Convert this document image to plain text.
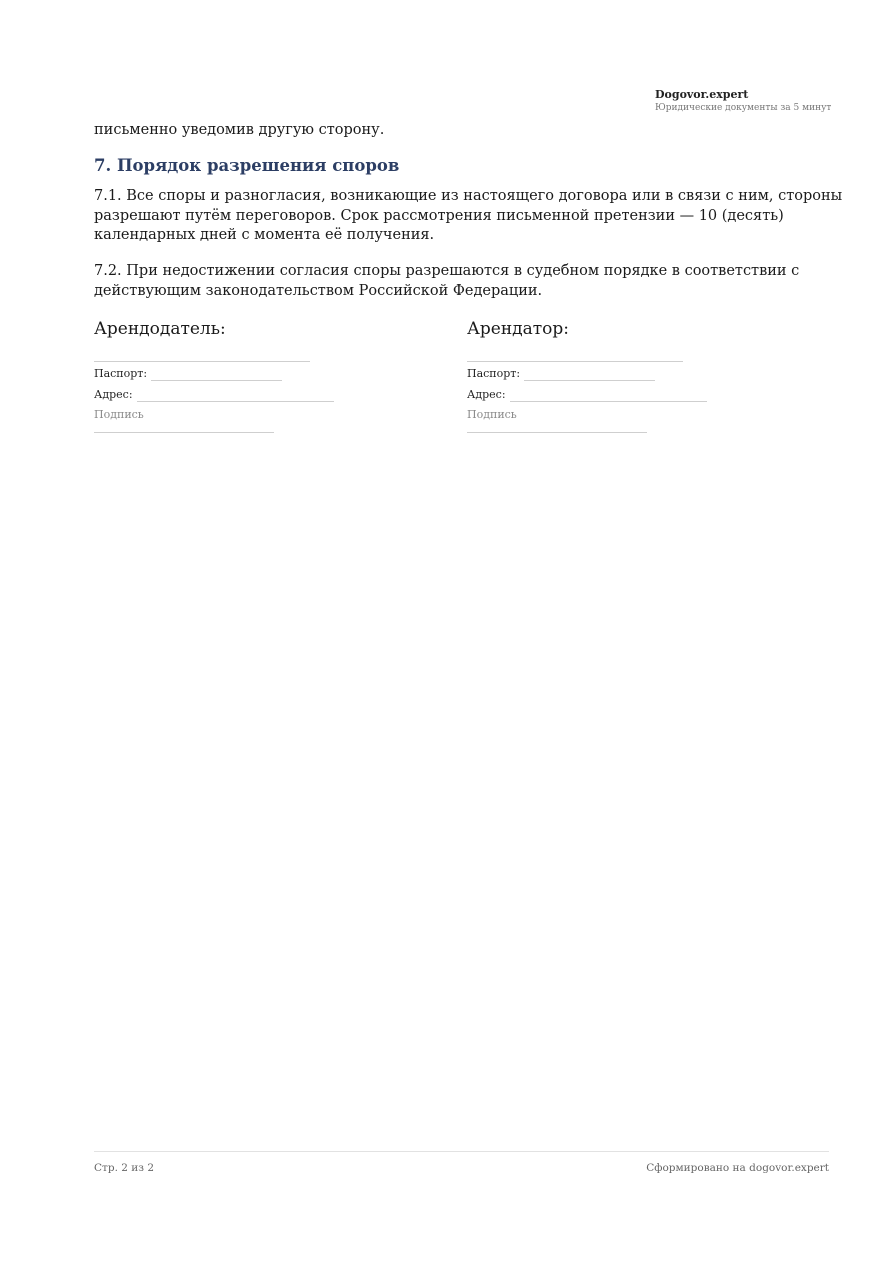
Dogovor.expert
Юридические документы за 5 минут
письменно уведомив другую сторону.
7. Порядок разрешения споров
7.1. Все споры и разногласия, возникающие из настоящего договора или в связи с ним, стороны разрешают путём переговоров. Срок рассмотрения письменной претензии — 10 (десять) календарных дней с момента её получения.
7.2. При недостижении согласия споры разрешаются в судебном порядке в соответствии с действующим законодательством Российской Федерации.
Арендодатель:
Паспорт:
Адрес:
Подпись
Арендатор:
Паспорт:
Адрес:
Подпись
Стр. 2 из 2	Сформировано на dogovor.expert
